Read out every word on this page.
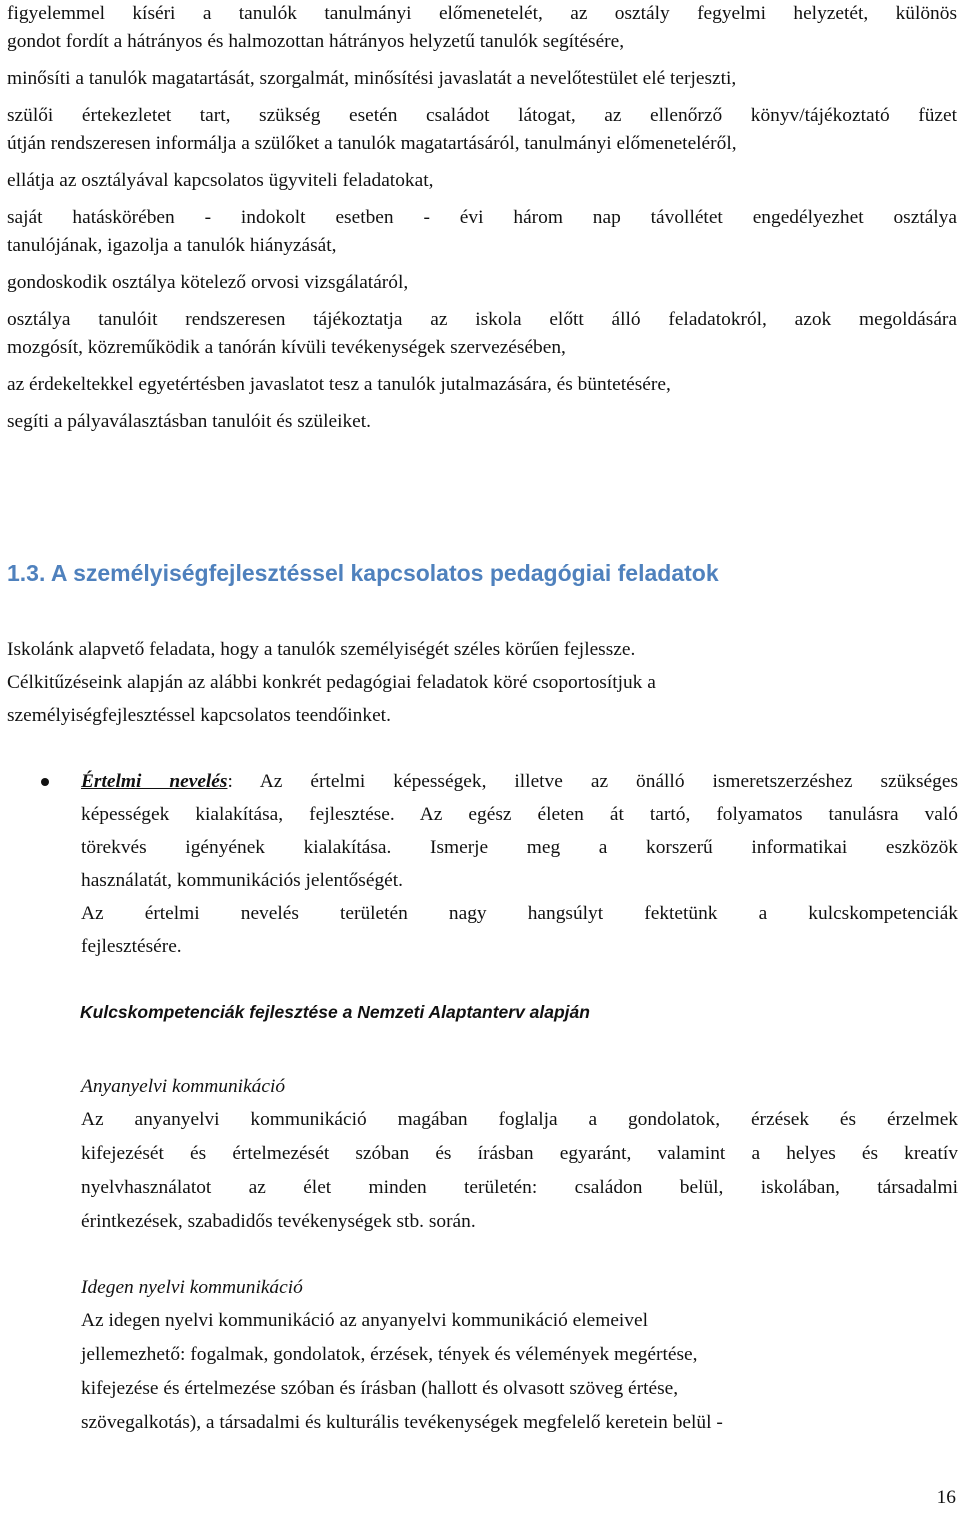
figyelemmel kíséri a tanulók tanulmányi előmenetelét, az osztály fegyelmi helyzetét, különös
gondot fordít a hátrányos és halmozottan hátrányos helyzetű tanulók segítésére,
minősíti a tanulók magatartását, szorgalmát, minősítési javaslatát a nevelőtestület elé terjeszti,
szülői értekezletet tart, szükség esetén családot látogat, az ellenőrző könyv/tájékoztató füzet
útján rendszeresen informálja a szülőket a tanulók magatartásáról, tanulmányi előmeneteléről,
ellátja az osztályával kapcsolatos ügyviteli feladatokat,
saját hatáskörében - indokolt esetben - évi három nap távollétet engedélyezhet osztálya
tanulójának, igazolja a tanulók hiányzását,
gondoskodik osztálya kötelező orvosi vizsgálatáról,
osztálya tanulóit rendszeresen tájékoztatja az iskola előtt álló feladatokról, azok megoldására
mozgósít, közreműködik a tanórán kívüli tevékenységek szervezésében,
az érdekeltekkel egyetértésben javaslatot tesz a tanulók jutalmazására, és büntetésére,
segíti a pályaválasztásban tanulóit és szüleiket.
1.3. A személyiségfejlesztéssel kapcsolatos pedagógiai feladatok
Iskolánk alapvető feladata, hogy a tanulók személyiségét széles körűen fejlessze.
Célkitűzéseink alapján az alábbi konkrét pedagógiai feladatok köré csoportosítjuk a
személyiségfejlesztéssel kapcsolatos teendőinket.
Értelmi nevelés: Az értelmi képességek, illetve az önálló ismeretszerzéshez szükséges
képességek kialakítása, fejlesztése. Az egész életen át tartó, folyamatos tanulásra való
törekvés igényének kialakítása. Ismerje meg a korszerű informatikai eszközök
használatát, kommunikációs jelentőségét.
Az értelmi nevelés területén nagy hangsúlyt fektetünk a kulcskompetenciák
fejlesztésére.
Kulcskompetenciák fejlesztése a Nemzeti Alaptanterv alapján
Anyanyelvi kommunikáció
Az anyanyelvi kommunikáció magában foglalja a gondolatok, érzések és érzelmek
kifejezését és értelmezését szóban és írásban egyaránt, valamint a helyes és kreatív
nyelvhasználatot az élet minden területén: családon belül, iskolában, társadalmi
érintkezések, szabadidős tevékenységek stb. során.
Idegen nyelvi kommunikáció
Az idegen nyelvi kommunikáció az anyanyelvi kommunikáció elemeivel
jellemezhető: fogalmak, gondolatok, érzések, tények és vélemények megértése,
kifejezése és értelmezése szóban és írásban (hallott és olvasott szöveg értése,
szövegalkotás), a társadalmi és kulturális tevékenységek megfelelő keretein belül -
16
